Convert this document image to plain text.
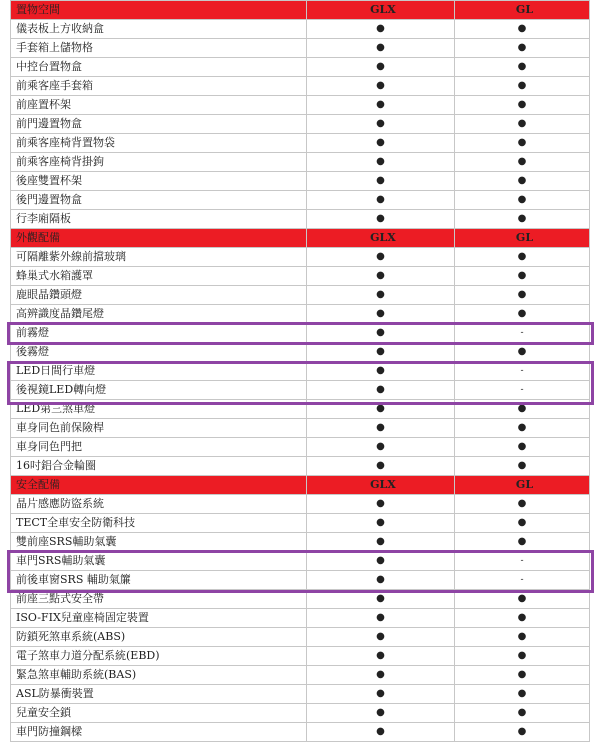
置物空間	GLX	GL
儀表板上方收納盒	●	●
手套箱上儲物格	●	●
中控台置物盒	●	●
前乘客座手套箱	●	●
前座置杯架	●	●
前門邊置物盒	●	●
前乘客座椅背置物袋	●	●
前乘客座椅背掛鉤	●	●
後座雙置杯架	●	●
後門邊置物盒	●	●
行李廂隔板	●	●
外觀配備	GLX	GL
可隔離紫外線前擋玻璃	●	●
蜂巢式水箱護罩	●	●
鹿眼晶鑽頭燈	●	●
高辨識度晶鑽尾燈	●	●
前霧燈	●	-
後霧燈	●	●
LED日間行車燈	●	-
後視鏡LED轉向燈	●	-
LED第三煞車燈	●	●
車身同色前保險桿	●	●
車身同色門把	●	●
16吋鋁合金輪圈	●	●
安全配備	GLX	GL
晶片感應防盜系統	●	●
TECT全車安全防衛科技	●	●
雙前座SRS輔助氣囊	●	●
車門SRS輔助氣囊	●	-
前後車窗SRS 輔助氣簾	●	-
前座三點式安全帶	●	●
ISO-FIX兒童座椅固定裝置	●	●
防鎖死煞車系統(ABS)	●	●
電子煞車力道分配系統(EBD)	●	●
緊急煞車輔助系統(BAS)	●	●
ASL防暴衝裝置	●	●
兒童安全鎖	●	●
車門防撞鋼樑	●	●
